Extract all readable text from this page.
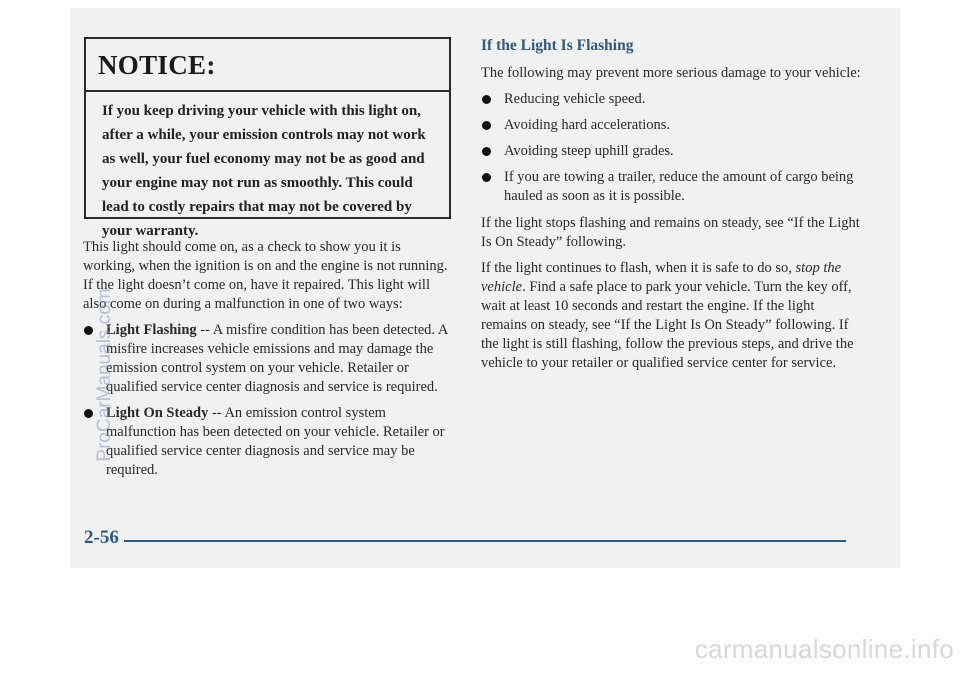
NOTICE:

If you keep driving your vehicle with this light on, after a while, your emission controls may not work as well, your fuel economy may not be as good and your engine may not run as smoothly. This could lead to costly repairs that may not be covered by your warranty.

This light should come on, as a check to show you it is working, when the ignition is on and the engine is not running. If the light doesn’t come on, have it repaired. This light will also come on during a malfunction in one of two ways:

Light Flashing -- A misfire condition has been detected. A misfire increases vehicle emissions and may damage the emission control system on your vehicle. Retailer or qualified service center diagnosis and service is required.
Light On Steady -- An emission control system malfunction has been detected on your vehicle. Retailer or qualified service center diagnosis and service may be required.
If the Light Is Flashing

The following may prevent more serious damage to your vehicle:

Reducing vehicle speed.
Avoiding hard accelerations.
Avoiding steep uphill grades.
If you are towing a trailer, reduce the amount of cargo being hauled as soon as it is possible.

If the light stops flashing and remains on steady, see “If the Light Is On Steady” following.

If the light continues to flash, when it is safe to do so, stop the vehicle. Find a safe place to park your vehicle. Turn the key off, wait at least 10 seconds and restart the engine. If the light remains on steady, see “If the Light Is On Steady” following. If the light is still flashing, follow the previous steps, and drive the vehicle to your retailer or qualified service center for service.

2-56
ProCarManuals.com
carmanualsonline.info
